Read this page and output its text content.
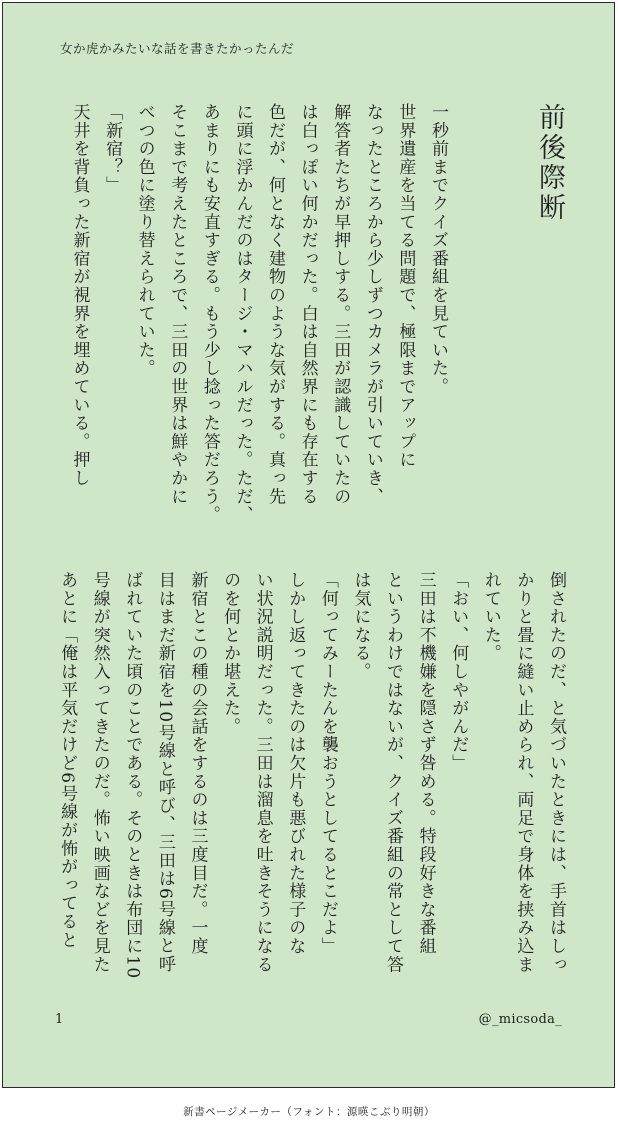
女か虎かみたいな話を書きたかったんだ
前後際断
一秒前までクイズ番組を見ていた。
世界遺産を当てる問題で、極限までアップに
なったところから少しずつカメラが引いていき、
解答者たちが早押しする。三田が認識していたの
は白っぽい何かだった。白は自然界にも存在する
色だが、何となく建物のような気がする。真っ先
に頭に浮かんだのはタージ・マハルだった。ただ、
あまりにも安直すぎる。もう少し捻った答だろう。
そこまで考えたところで、三田の世界は鮮やかに
べつの色に塗り替えられていた。
「新宿？」
天井を背負った新宿が視界を埋めている。押し
倒されたのだ、と気づいたときには、手首はしっ
かりと畳に縫い止められ、両足で身体を挟み込ま
れていた。
「おい、何しやがんだ」
三田は不機嫌を隠さず咎める。特段好きな番組
というわけではないが、クイズ番組の常として答
は気になる。
「何ってみーたんを襲おうとしてるとこだよ」
しかし返ってきたのは欠片も悪びれた様子のな
い状況説明だった。三田は溜息を吐きそうになる
のを何とか堪えた。
新宿とこの種の会話をするのは三度目だ。一度
目はまだ新宿を10号線と呼び、三田は6号線と呼
ばれていた頃のことである。そのときは布団に10
号線が突然入ってきたのだ。怖い映画などを見た
あとに「俺は平気だけど6号線が怖がってると
1	@_micsoda_
新書ページメーカー（フォント：源暎こぶり明朝）
